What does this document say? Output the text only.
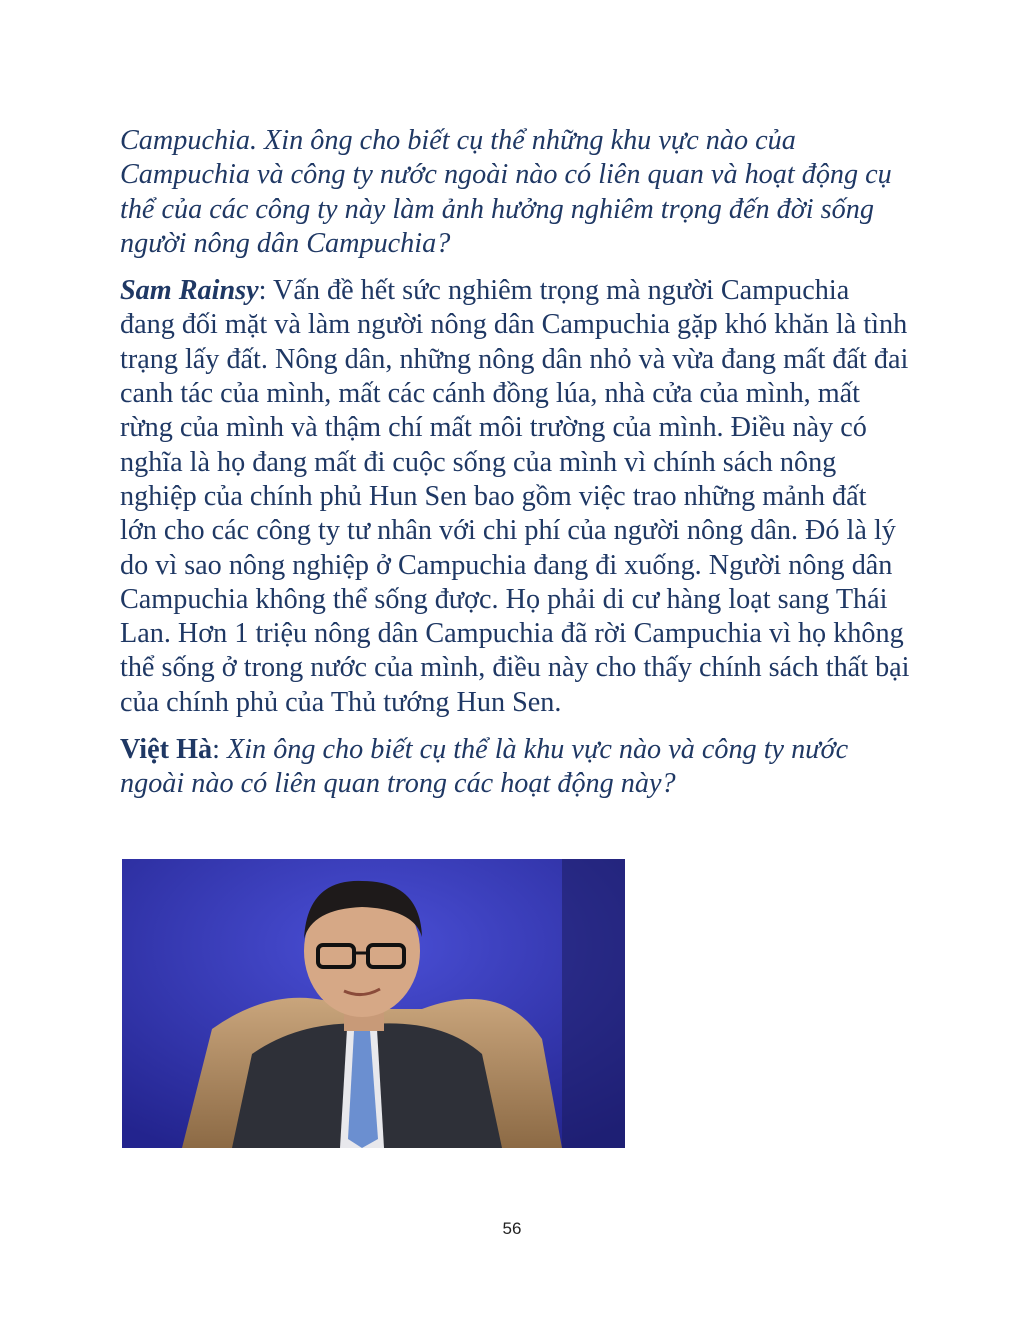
Campuchia. Xin ông cho biết cụ thể những khu vực nào của Campuchia và công ty nước ngoài nào có liên quan và hoạt động cụ thể của các công ty này làm ảnh hưởng nghiêm trọng đến đời sống người nông dân Campuchia?

Sam Rainsy: Vấn đề hết sức nghiêm trọng mà người Campuchia đang đối mặt và làm người nông dân Campuchia gặp khó khăn là tình trạng lấy đất. Nông dân, những nông dân nhỏ và vừa đang mất đất đai canh tác của mình, mất các cánh đồng lúa, nhà cửa của mình, mất rừng của mình và thậm chí mất môi trường của mình. Điều này có nghĩa là họ đang mất đi cuộc sống của mình vì chính sách nông nghiệp của chính phủ Hun Sen bao gồm việc trao những mảnh đất lớn cho các công ty tư nhân với chi phí của người nông dân. Đó là lý do vì sao nông nghiệp ở Campuchia đang đi xuống. Người nông dân Campuchia không thể sống được. Họ phải di cư hàng loạt sang Thái Lan. Hơn 1 triệu nông dân Campuchia đã rời Campuchia vì họ không thể sống ở trong nước của mình, điều này cho thấy chính sách thất bại của chính phủ của Thủ tướng Hun Sen.

Việt Hà: Xin ông cho biết cụ thể là khu vực nào và công ty nước ngoài nào có liên quan trong các hoạt động này?

56
